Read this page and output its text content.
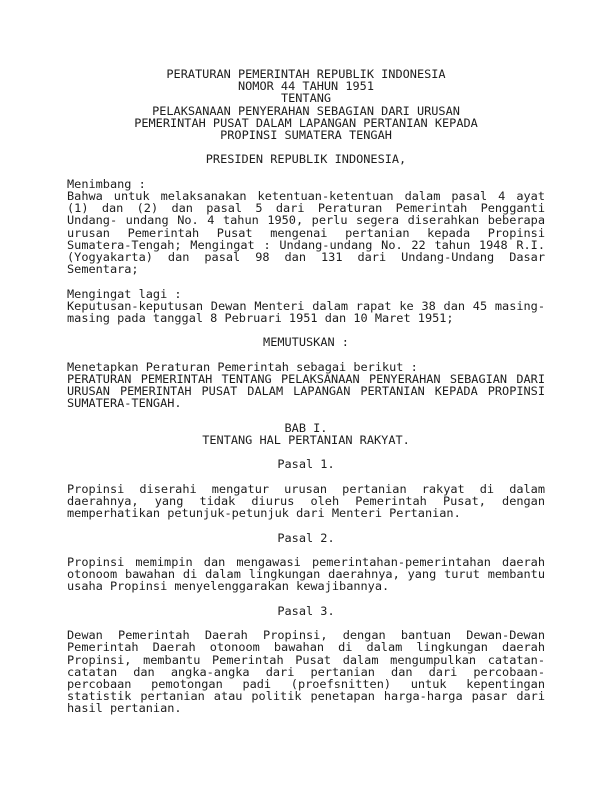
PERATURAN PEMERINTAH REPUBLIK INDONESIA
NOMOR 44 TAHUN 1951
TENTANG
PELAKSANAAN PENYERAHAN SEBAGIAN DARI URUSAN
PEMERINTAH PUSAT DALAM LAPANGAN PERTANIAN KEPADA
PROPINSI SUMATERA TENGAH
PRESIDEN REPUBLIK INDONESIA,
Menimbang :
Bahwa untuk melaksanakan ketentuan-ketentuan dalam pasal 4 ayat
(1) dan (2) dan pasal 5 dari Peraturan Pemerintah Pengganti
Undang- undang No. 4 tahun 1950, perlu segera diserahkan beberapa
urusan Pemerintah Pusat mengenai pertanian kepada Propinsi
Sumatera-Tengah; Mengingat : Undang-undang No. 22 tahun 1948 R.I.
(Yogyakarta) dan pasal 98 dan 131 dari Undang-Undang Dasar
Sementara;
Mengingat lagi :
Keputusan-keputusan Dewan Menteri dalam rapat ke 38 dan 45 masing-
masing pada tanggal 8 Pebruari 1951 dan 10 Maret 1951;
MEMUTUSKAN :
Menetapkan Peraturan Pemerintah sebagai berikut :
PERATURAN PEMERINTAH TENTANG PELAKSANAAN PENYERAHAN SEBAGIAN DARI
URUSAN PEMERINTAH PUSAT DALAM LAPANGAN PERTANIAN KEPADA PROPINSI
SUMATERA-TENGAH.
BAB I.
TENTANG HAL PERTANIAN RAKYAT.
Pasal 1.
Propinsi diserahi mengatur urusan pertanian rakyat di dalam
daerahnya, yang tidak diurus oleh Pemerintah Pusat, dengan
memperhatikan petunjuk-petunjuk dari Menteri Pertanian.
Pasal 2.
Propinsi memimpin dan mengawasi pemerintahan-pemerintahan daerah
otonoom bawahan di dalam lingkungan daerahnya, yang turut membantu
usaha Propinsi menyelenggarakan kewajibannya.
Pasal 3.
Dewan Pemerintah Daerah Propinsi, dengan bantuan Dewan-Dewan
Pemerintah Daerah otonoom bawahan di dalam lingkungan daerah
Propinsi, membantu Pemerintah Pusat dalam mengumpulkan catatan-
catatan dan angka-angka dari pertanian dan dari percobaan-
percobaan pemotongan padi (proefsnitten) untuk kepentingan
statistik pertanian atau politik penetapan harga-harga pasar dari
hasil pertanian.
